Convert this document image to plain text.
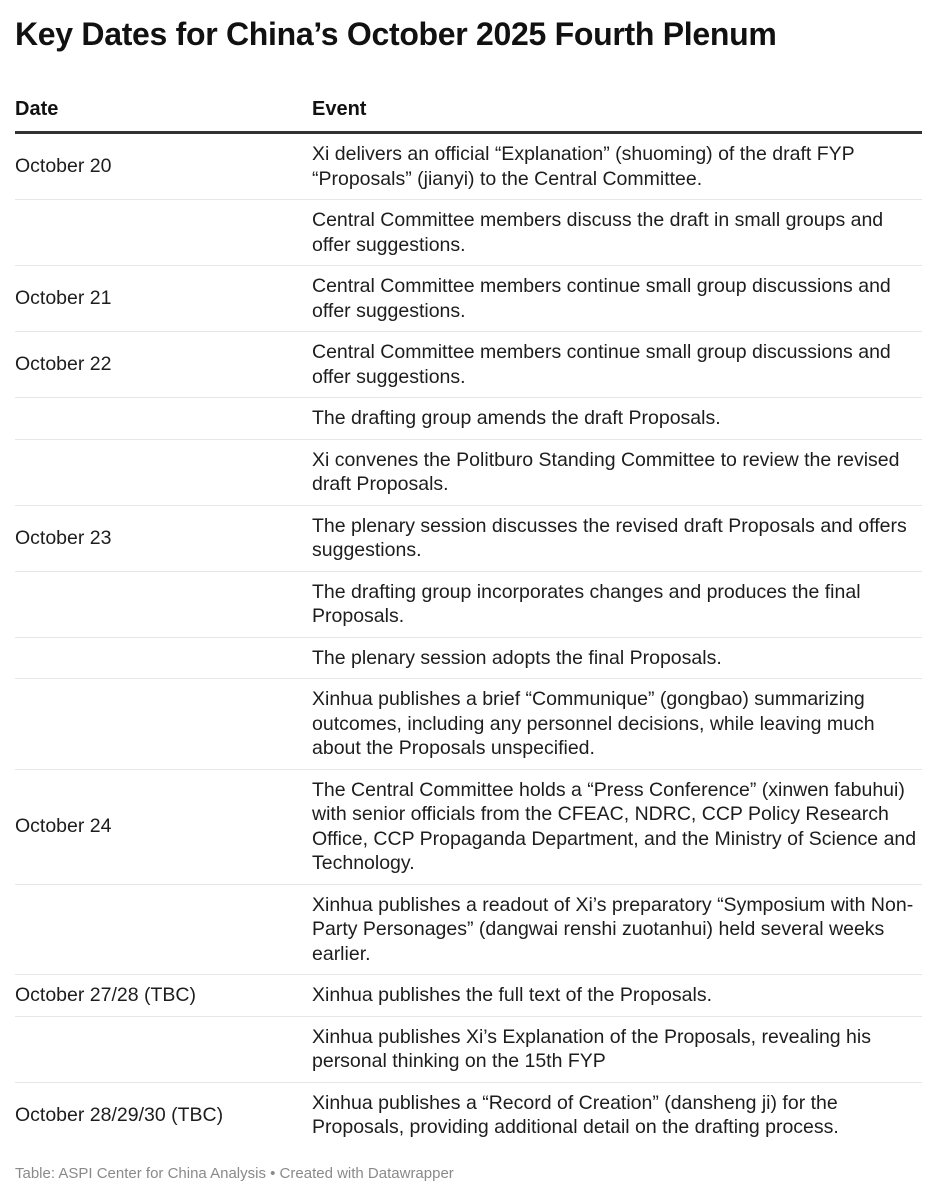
Key Dates for China’s October 2025 Fourth Plenum
Date	Event
October 20	Xi delivers an official “Explanation” (shuoming) of the draft FYP “Proposals” (jianyi) to the Central Committee.
	Central Committee members discuss the draft in small groups and offer suggestions.
October 21	Central Committee members continue small group discussions and offer suggestions.
October 22	Central Committee members continue small group discussions and offer suggestions.
	The drafting group amends the draft Proposals.
	Xi convenes the Politburo Standing Committee to review the revised draft Proposals.
October 23	The plenary session discusses the revised draft Proposals and offers suggestions.
	The drafting group incorporates changes and produces the final Proposals.
	The plenary session adopts the final Proposals.
	Xinhua publishes a brief “Communique” (gongbao) summarizing outcomes, including any personnel decisions, while leaving much about the Proposals unspecified.
October 24	The Central Committee holds a “Press Conference” (xinwen fabuhui) with senior officials from the CFEAC, NDRC, CCP Policy Research Office, CCP Propaganda Department, and the Ministry of Science and Technology.
	Xinhua publishes a readout of Xi’s preparatory “Symposium with Non-Party Personages” (dangwai renshi zuotanhui) held several weeks earlier.
October 27/28 (TBC)	Xinhua publishes the full text of the Proposals.
	Xinhua publishes Xi’s Explanation of the Proposals, revealing his personal thinking on the 15th FYP
October 28/29/30 (TBC)	Xinhua publishes a “Record of Creation” (dansheng ji) for the Proposals, providing additional detail on the drafting process.
Table: ASPI Center for China Analysis • Created with Datawrapper
